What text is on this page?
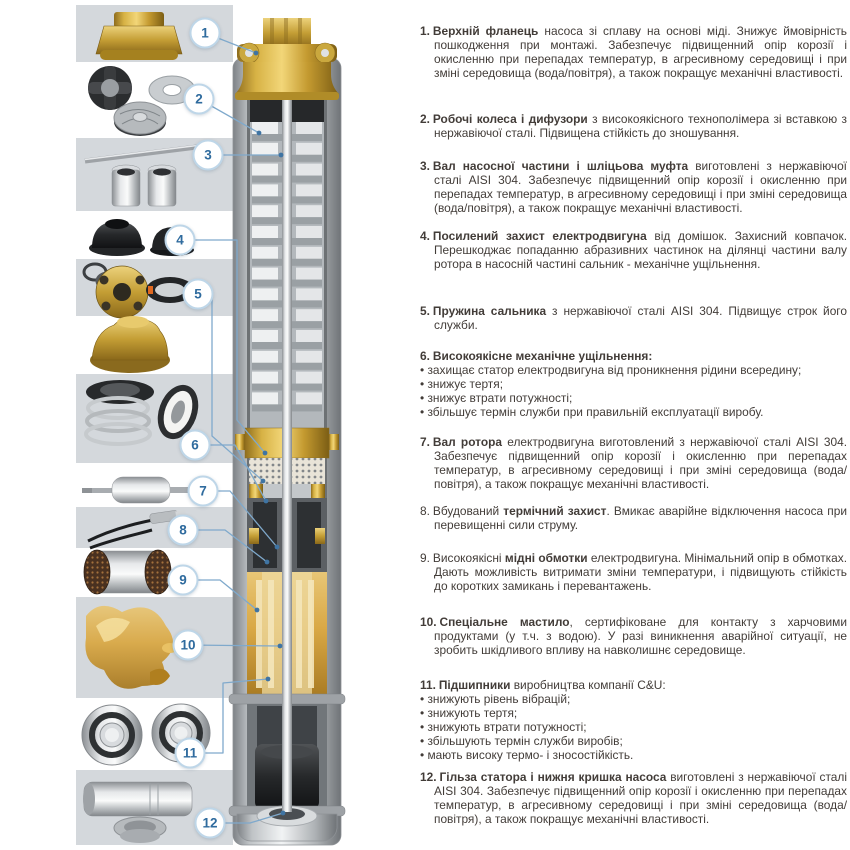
1
2
3
4
5
6
7
8
9
10
11
12

1. Верхній фланець насоса зі сплаву на основі міді. Знижує ймовірність пошкодження при монтажі. Забезпечує підвищенний опір корозії і окисленню при перепадах температур, в агресивному середовищі і при зміні середовища (вода/повітря), а також покращує механічні властивості.

2. Робочі колеса і дифузори з високоякісного технополімера зі вставкою з нержавіючої сталі. Підвищена стійкість до зношування.

3. Вал насосної частини і шліцьова муфта виготовлені з нержавіючої сталі AISI 304. Забезпечує підвищенний опір корозії і окисленню при перепадах температур, в агресивному середовищі і при зміні середовища (вода/повітря), а також покращує механічні властивості.

4. Посилений захист електродвигуна від домішок. Захисний ковпачок. Перешкоджає попаданню абразивних частинок на ділянці частини валу ротора в насосній частині сальник - механічне ущільнення.

5. Пружина сальника з нержавіючої сталі AISI 304. Підвищує строк його служби.

6. Високоякісне механічне ущільнення:

• захищає статор електродвигуна від проникнення рідини всередину;
• знижує тертя;
• знижує втрати потужності;
• збільшує термін служби при правильній експлуатації виробу.

7. Вал ротора електродвигуна виготовлений з нержавіючої сталі AISI 304. Забезпечує підвищенний опір корозії і окисленню при перепадах температур, в агресивному середовищі і при зміні середовища (вода/повітря), а також покращує механічні властивості.

8. Вбудований термічний захист. Вмикає аварійне відключення насоса при перевищенні сили струму.

9. Високоякісні мідні обмотки електродвигуна. Мінімальний опір в обмотках. Дають можливість витримати зміни температури, і підвищують стійкість до коротких замикань і перевантажень.

10. Спеціальне мастило, сертифіковане для контакту з харчовими продуктами (у т.ч. з водою). У разі виникнення аварійної ситуації, не зробить шкідливого впливу на навколишнє середовище.

11. Підшипники виробництва компанії C&U:

• знижують рівень вібрацій;
• знижують тертя;
• знижують втрати потужності;
• збільшують термін служби виробів;
• мають високу термо- і зносостійкість.

12. Гільза статора і нижня кришка насоса виготовлені з нержавіючої сталі AISI 304. Забезпечує підвищенний опір корозії і окисленню при перепадах температур, в агресивному середовищі і при зміні середовища (вода/повітря), а також покращує механічні властивості.
